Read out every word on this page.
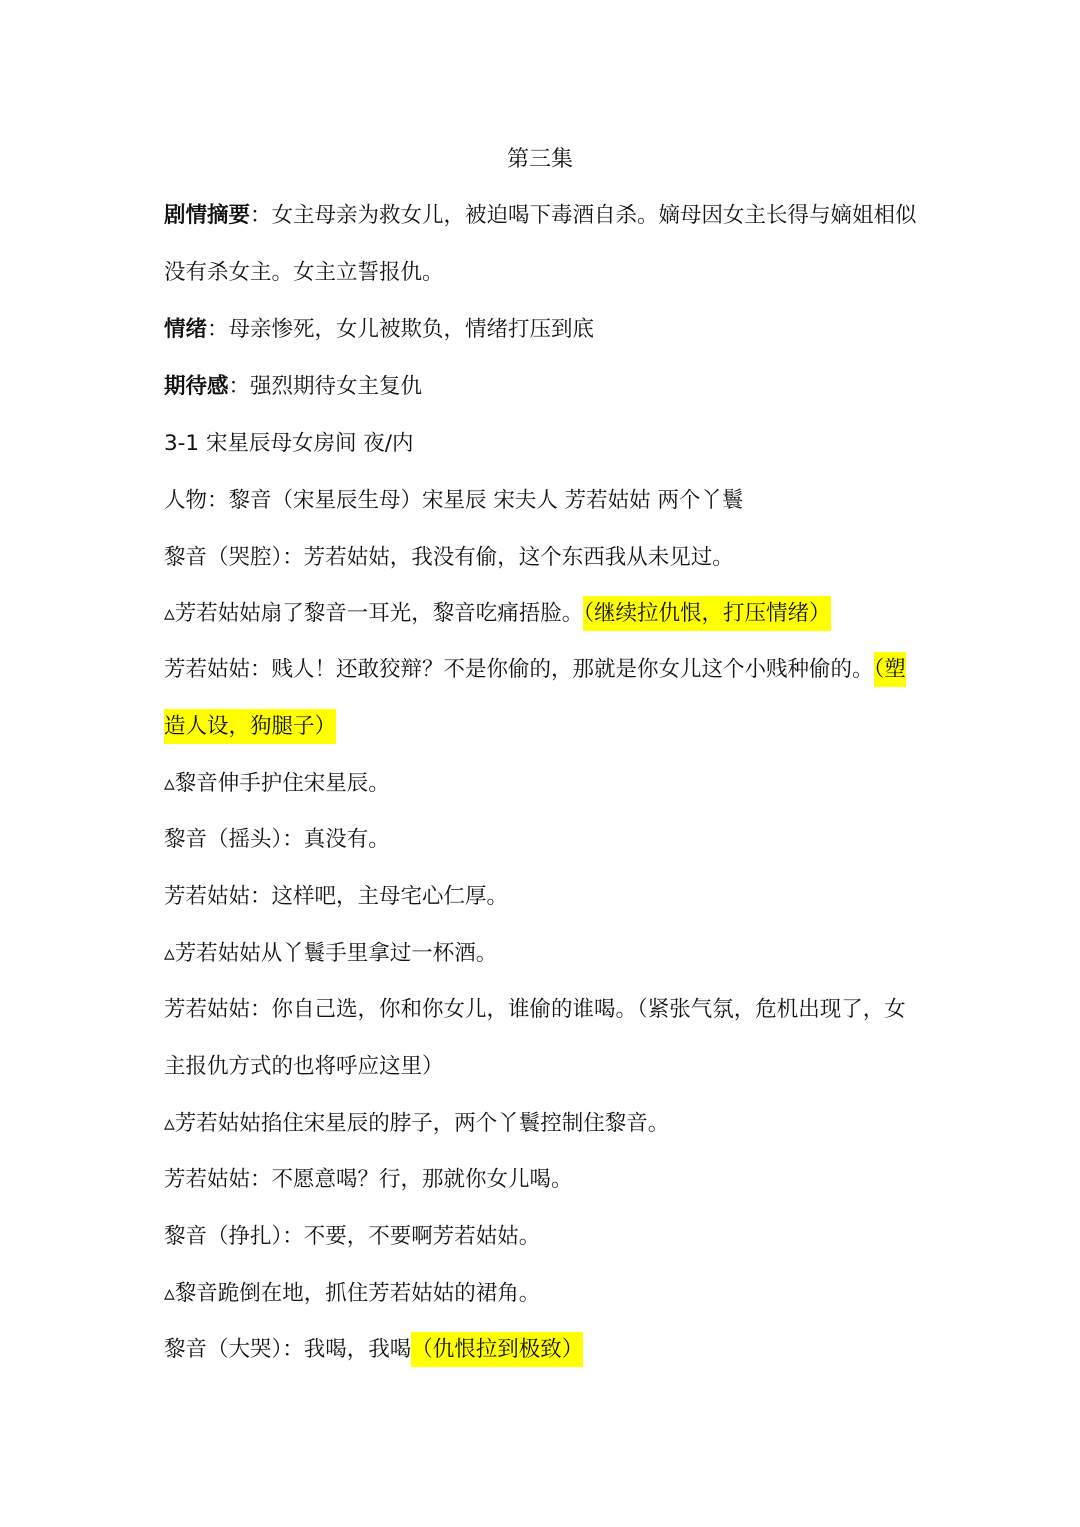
第三集
剧情摘要：女主母亲为救女儿，被迫喝下毒酒自杀。嫡母因女主长得与嫡姐相似
没有杀女主。女主立誓报仇。
情绪：母亲惨死，女儿被欺负，情绪打压到底
期待感：强烈期待女主复仇
3-1 宋星辰母女房间 夜/内
人物：黎音（宋星辰生母）宋星辰 宋夫人 芳若姑姑 两个丫鬟
黎音（哭腔）：芳若姑姑，我没有偷，这个东西我从未见过。
▵芳若姑姑扇了黎音一耳光，黎音吃痛捂脸。（继续拉仇恨，打压情绪）
芳若姑姑：贱人！还敢狡辩？不是你偷的，那就是你女儿这个小贱种偷的。（塑
造人设，狗腿子）
▵黎音伸手护住宋星辰。
黎音（摇头）：真没有。
芳若姑姑：这样吧，主母宅心仁厚。
▵芳若姑姑从丫鬟手里拿过一杯酒。
芳若姑姑：你自己选，你和你女儿，谁偷的谁喝。（紧张气氛，危机出现了，女
主报仇方式的也将呼应这里）
▵芳若姑姑掐住宋星辰的脖子，两个丫鬟控制住黎音。
芳若姑姑：不愿意喝？行，那就你女儿喝。
黎音（挣扎）：不要，不要啊芳若姑姑。
▵黎音跪倒在地，抓住芳若姑姑的裙角。
黎音（大哭）：我喝，我喝（仇恨拉到极致）
